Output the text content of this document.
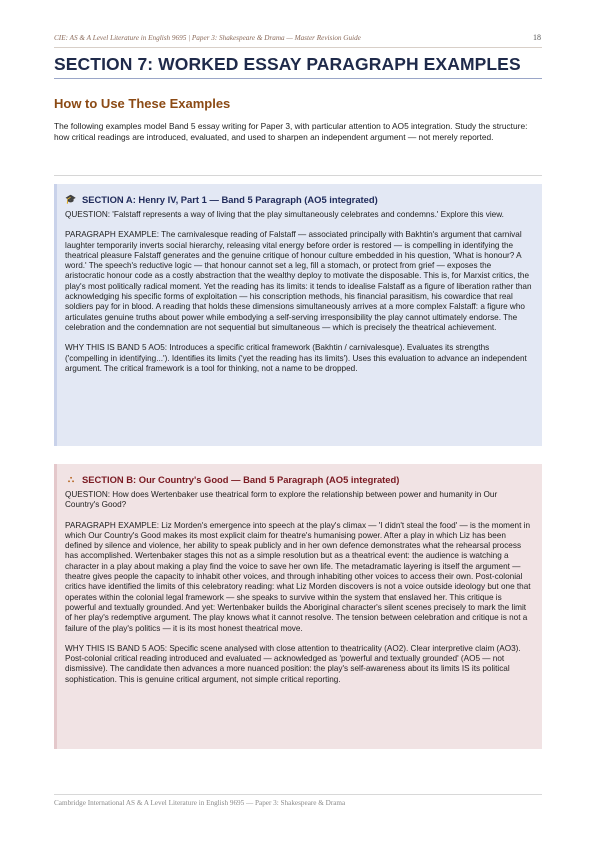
CIE: AS & A Level Literature in English 9695 | Paper 3: Shakespeare & Drama — Master Revision Guide	18
SECTION 7: WORKED ESSAY PARAGRAPH EXAMPLES
How to Use These Examples
The following examples model Band 5 essay writing for Paper 3, with particular attention to AO5 integration. Study the structure: how critical readings are introduced, evaluated, and used to sharpen an independent argument — not merely reported.
🎓 SECTION A: Henry IV, Part 1 — Band 5 Paragraph (AO5 integrated)

QUESTION: 'Falstaff represents a way of living that the play simultaneously celebrates and condemns.' Explore this view.

PARAGRAPH EXAMPLE: The carnivalesque reading of Falstaff — associated principally with Bakhtin's argument that carnival laughter temporarily inverts social hierarchy, releasing vital energy before order is restored — is compelling in identifying the theatrical pleasure Falstaff generates and the genuine critique of honour culture embedded in his question, 'What is honour? A word.' The speech's reductive logic — that honour cannot set a leg, fill a stomach, or protect from grief — exposes the aristocratic honour code as a costly abstraction that the wealthy deploy to motivate the disposable. This is, for Marxist critics, the play's most politically radical moment. Yet the reading has its limits: it tends to idealise Falstaff as a figure of liberation rather than acknowledging his specific forms of exploitation — his conscription methods, his financial parasitism, his cowardice that real soldiers pay for in blood. A reading that holds these dimensions simultaneously arrives at a more complex Falstaff: a figure who articulates genuine truths about power while embodying a self-serving irresponsibility the play cannot ultimately endorse. The celebration and the condemnation are not sequential but simultaneous — which is precisely the theatrical achievement.

WHY THIS IS BAND 5 AO5: Introduces a specific critical framework (Bakhtin / carnivalesque). Evaluates its strengths ('compelling in identifying...'). Identifies its limits ('yet the reading has its limits'). Uses this evaluation to advance an independent argument. The critical framework is a tool for thinking, not a name to be dropped.

⛬ SECTION B: Our Country's Good — Band 5 Paragraph (AO5 integrated)

QUESTION: How does Wertenbaker use theatrical form to explore the relationship between power and humanity in Our Country's Good?

PARAGRAPH EXAMPLE: Liz Morden's emergence into speech at the play's climax — 'I didn't steal the food' — is the moment in which Our Country's Good makes its most explicit claim for theatre's humanising power. After a play in which Liz has been defined by silence and violence, her ability to speak publicly and in her own defence demonstrates what the rehearsal process has accomplished. Wertenbaker stages this not as a simple resolution but as a theatrical event: the audience is watching a character in a play about making a play find the voice to save her own life. The metadramatic layering is itself the argument — theatre gives people the capacity to inhabit other voices, and through inhabiting other voices to access their own. Post-colonial critics have identified the limits of this celebratory reading: what Liz Morden discovers is not a voice outside ideology but one that operates within the colonial legal framework — she speaks to survive within the system that enslaved her. This critique is powerful and textually grounded. And yet: Wertenbaker builds the Aboriginal character's silent scenes precisely to mark the limit of her play's redemptive argument. The play knows what it cannot resolve. The tension between celebration and critique is not a failure of the play's politics — it is its most honest theatrical move.

WHY THIS IS BAND 5 AO5: Specific scene analysed with close attention to theatricality (AO2). Clear interpretive claim (AO3). Post-colonial critical reading introduced and evaluated — acknowledged as 'powerful and textually grounded' (AO5 — not dismissive). The candidate then advances a more nuanced position: the play's self-awareness about its limits IS its political sophistication. This is genuine critical argument, not simple critical reporting.

Cambridge International AS & A Level Literature in English 9695 — Paper 3: Shakespeare & Drama
